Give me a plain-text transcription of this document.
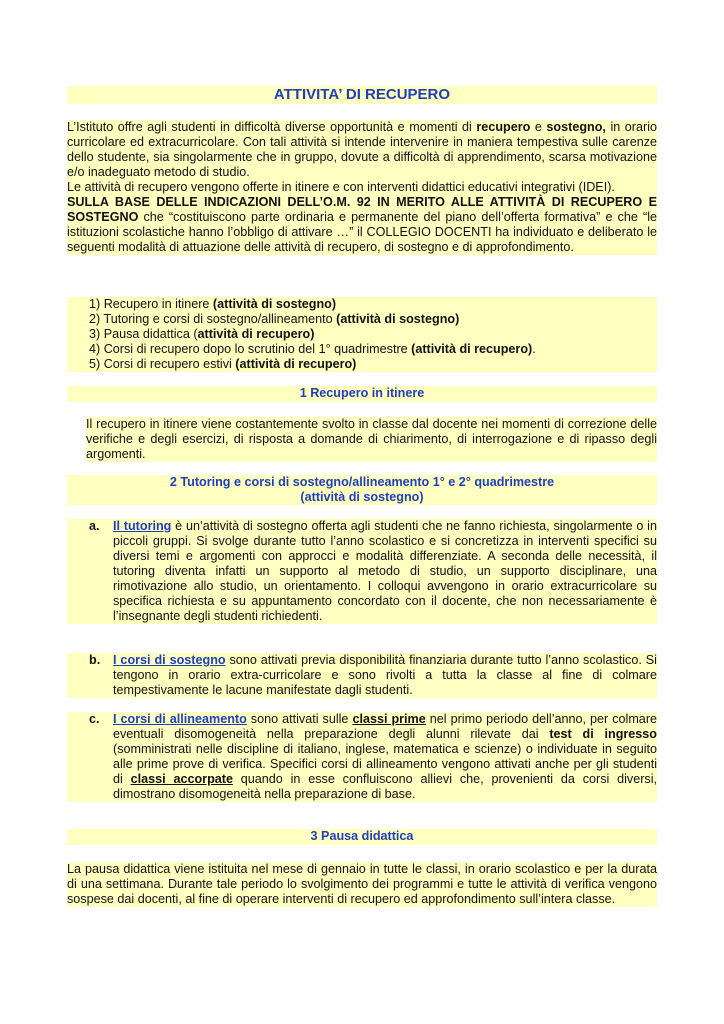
ATTIVITA’ DI RECUPERO
L’Istituto offre agli studenti in difficoltà diverse opportunità e momenti di recupero e sostegno, in orario curricolare ed extracurricolare. Con tali attività si intende intervenire in maniera tempestiva sulle carenze dello studente, sia singolarmente che in gruppo, dovute a difficoltà di apprendimento, scarsa motivazione e/o inadeguato metodo di studio.
Le attività di recupero vengono offerte in itinere e con interventi didattici educativi integrativi (IDEI).
SULLA BASE DELLE INDICAZIONI DELL’O.M. 92 IN MERITO ALLE ATTIVITÀ DI RECUPERO E SOSTEGNO che “costituiscono parte ordinaria e permanente del piano dell’offerta formativa” e che “le istituzioni scolastiche hanno l’obbligo di attivare …” il COLLEGIO DOCENTI ha individuato e deliberato le seguenti modalità di attuazione delle attività di recupero, di sostegno e di approfondimento.
1) Recupero in itinere (attività di sostegno)
2) Tutoring e corsi di sostegno/allineamento (attività di sostegno)
3) Pausa didattica (attività di recupero)
4) Corsi di recupero dopo lo scrutinio del 1° quadrimestre (attività di recupero).
5) Corsi di recupero estivi (attività di recupero)
1 Recupero in itinere
Il recupero in itinere viene costantemente svolto in classe dal docente nei momenti di correzione delle verifiche e degli esercizi, di risposta a domande di chiarimento, di interrogazione e di ripasso degli argomenti.
2 Tutoring e corsi di sostegno/allineamento 1° e 2° quadrimestre
(attività di sostegno)
a. Il tutoring è un’attività di sostegno offerta agli studenti che ne fanno richiesta, singolarmente o in piccoli gruppi. Si svolge durante tutto l’anno scolastico e si concretizza in interventi specifici su diversi temi e argomenti con approcci e modalità differenziate. A seconda delle necessità, il tutoring diventa infatti un supporto al metodo di studio, un supporto disciplinare, una rimotivazione allo studio, un orientamento. I colloqui avvengono in orario extracurricolare su specifica richiesta e su appuntamento concordato con il docente, che non necessariamente è l’insegnante degli studenti richiedenti.
b. I corsi di sostegno sono attivati previa disponibilità finanziaria durante tutto l’anno scolastico. Si tengono in orario extra-curricolare e sono rivolti a tutta la classe al fine di colmare tempestivamente le lacune manifestate dagli studenti.
c. I corsi di allineamento sono attivati sulle classi prime nel primo periodo dell’anno, per colmare eventuali disomogeneità nella preparazione degli alunni rilevate dai test di ingresso (somministrati nelle discipline di italiano, inglese, matematica e scienze) o individuate in seguito alle prime prove di verifica. Specifici corsi di allineamento vengono attivati anche per gli studenti di classi accorpate quando in esse confluiscono allievi che, provenienti da corsi diversi, dimostrano disomogeneità nella preparazione di base.
3 Pausa didattica
La pausa didattica viene istituita nel mese di gennaio in tutte le classi, in orario scolastico e per la durata di una settimana. Durante tale periodo lo svolgimento dei programmi e tutte le attività di verifica vengono sospese dai docenti, al fine di operare interventi di recupero ed approfondimento sull’intera classe.
